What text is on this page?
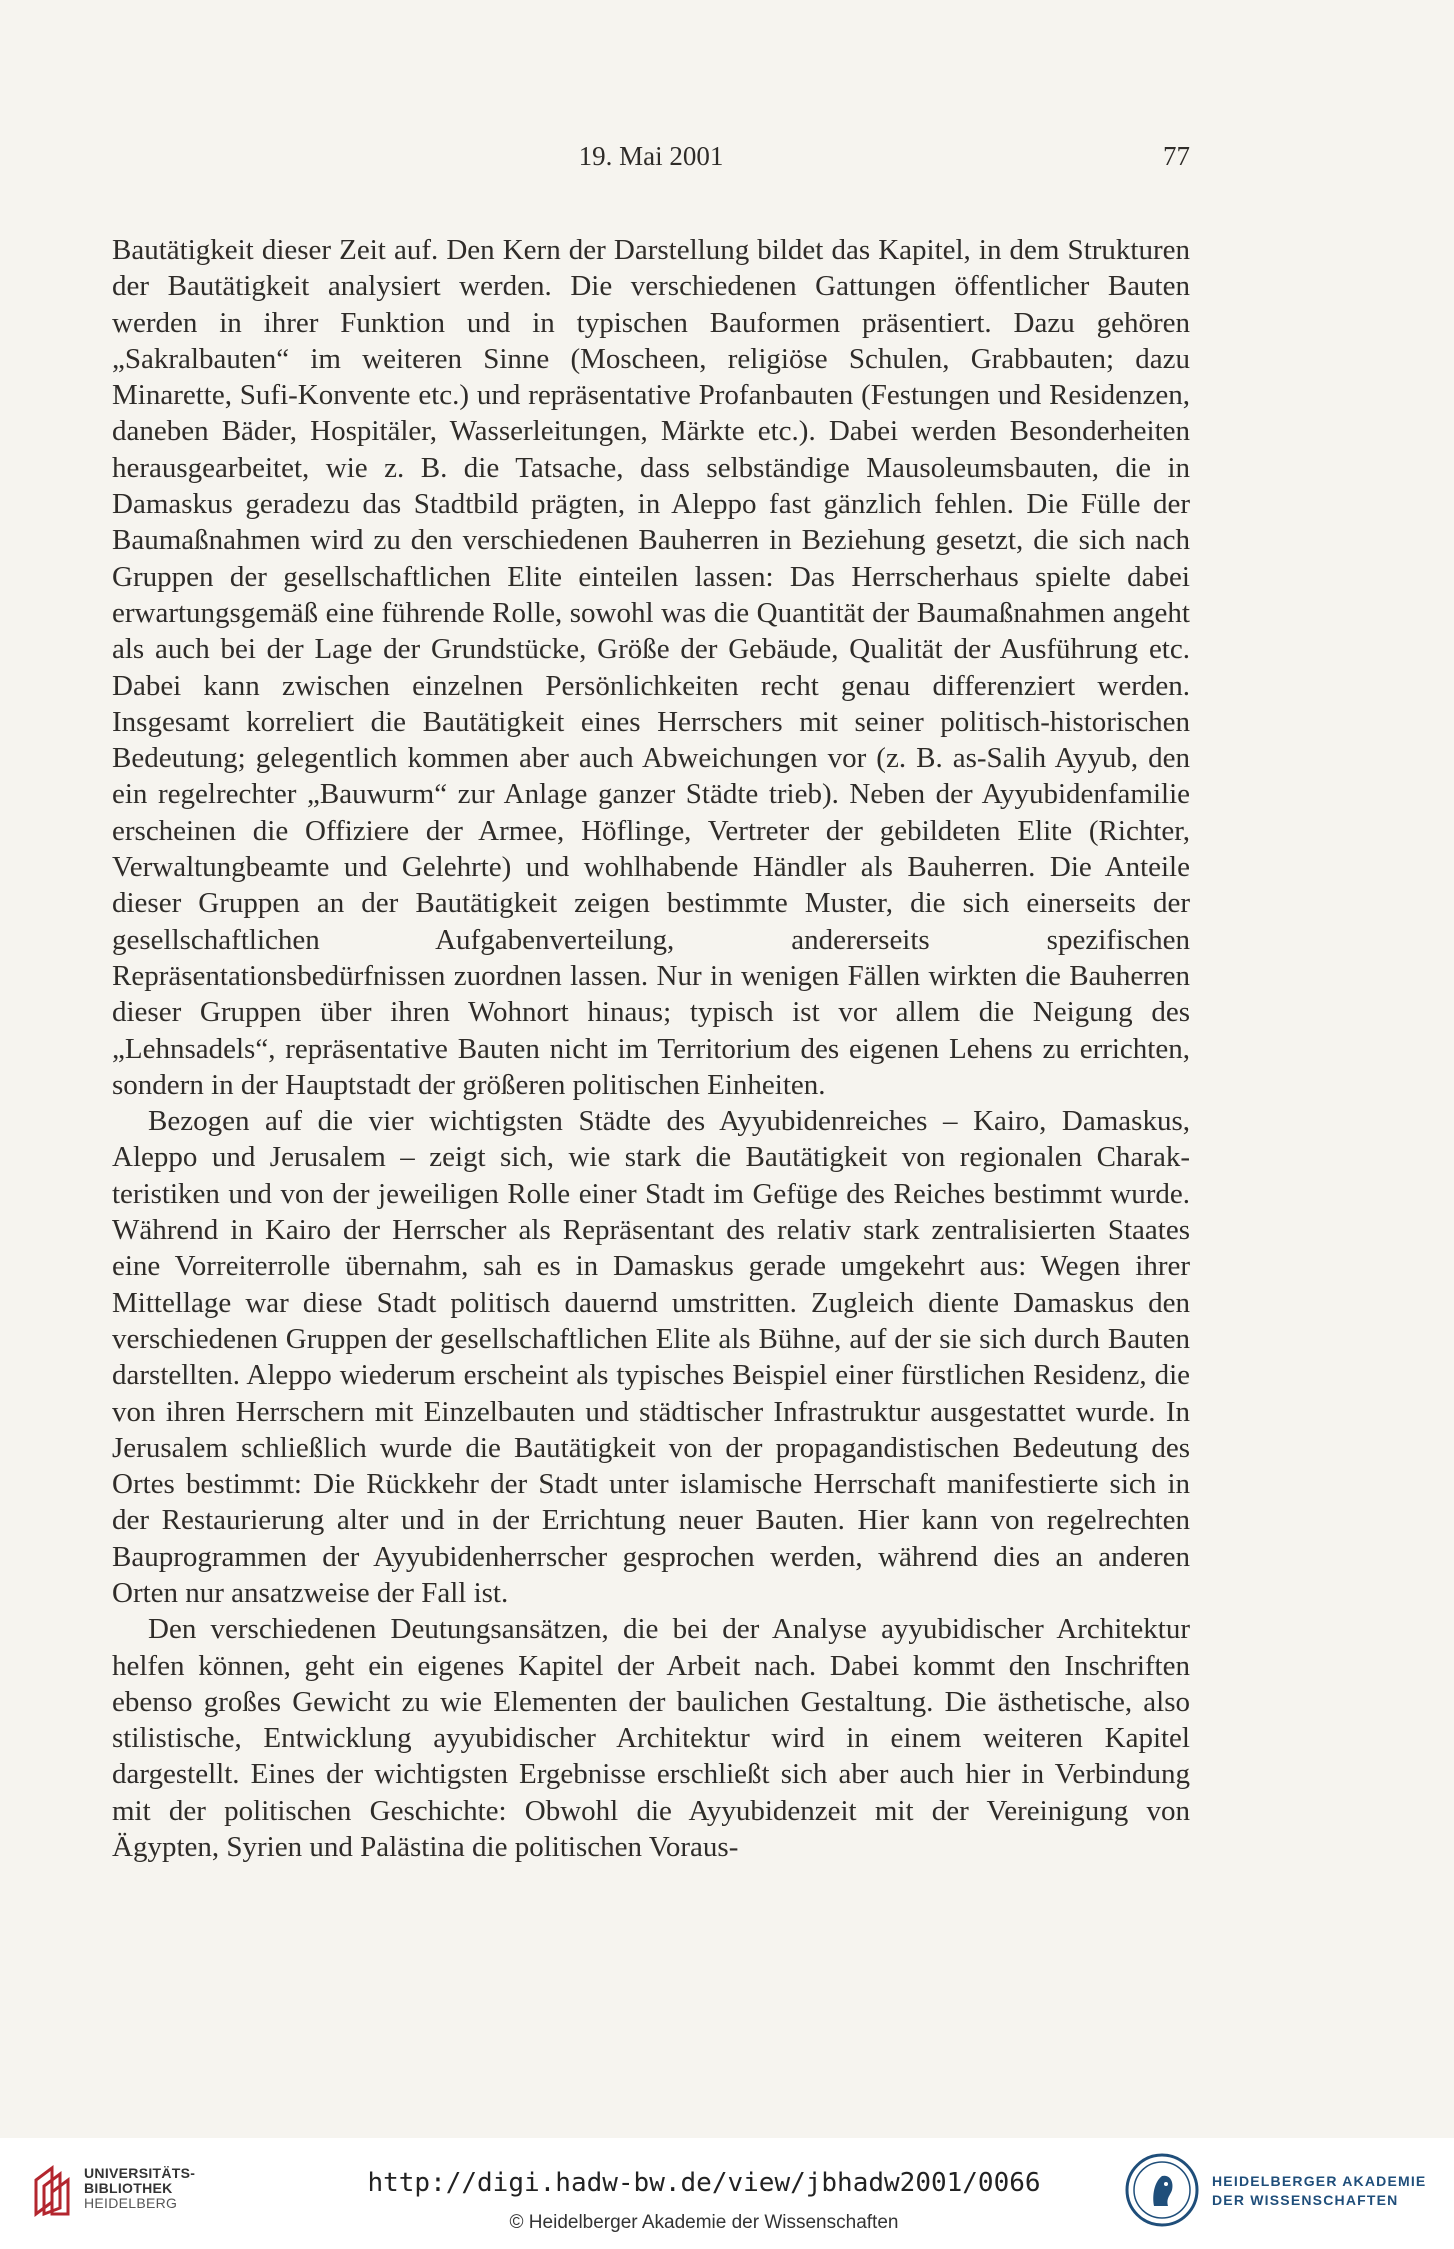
19. Mai 2001	77

Bautätigkeit dieser Zeit auf. Den Kern der Darstellung bildet das Kapitel, in dem Strukturen der Bautätigkeit analysiert werden. Die verschiedenen Gattungen öffentlicher Bauten werden in ihrer Funktion und in typischen Bauformen präsentiert. Dazu gehören „Sakralbauten“ im weiteren Sinne (Moscheen, religiöse Schulen, Grabbauten; dazu Minarette, Sufi-Konvente etc.) und repräsentative Profanbauten (Festungen und Residenzen, daneben Bäder, Hospitäler, Wasserleitungen, Märkte etc.). Dabei werden Besonderheiten herausgearbeitet, wie z. B. die Tatsache, dass selbständige Mausoleumsbauten, die in Damaskus geradezu das Stadtbild prägten, in Aleppo fast gänzlich fehlen. Die Fülle der Baumaßnahmen wird zu den verschiedenen Bauherren in Beziehung gesetzt, die sich nach Gruppen der gesellschaftlichen Elite einteilen lassen: Das Herrscherhaus spielte dabei erwartungsgemäß eine führende Rolle, sowohl was die Quantität der Baumaßnahmen angeht als auch bei der Lage der Grundstücke, Größe der Gebäude, Qualität der Ausführung etc. Dabei kann zwischen einzelnen Persönlichkeiten recht genau differenziert werden. Insgesamt korreliert die Bautätigkeit eines Herrschers mit seiner politisch-historischen Bedeutung; gelegentlich kommen aber auch Abweichungen vor (z. B. as-Salih Ayyub, den ein regelrechter „Bauwurm“ zur Anlage ganzer Städte trieb). Neben der Ayyubidenfamilie erscheinen die Offiziere der Armee, Höflinge, Vertreter der gebildeten Elite (Richter, Verwaltungbeamte und Gelehrte) und wohlhabende Händler als Bauherren. Die Anteile dieser Gruppen an der Bautätigkeit zeigen bestimmte Muster, die sich einerseits der gesellschaftlichen Aufgabenverteilung, andererseits spezifischen Repräsentationsbedürfnissen zuordnen lassen. Nur in wenigen Fällen wirkten die Bauherren dieser Gruppen über ihren Wohnort hinaus; typisch ist vor allem die Neigung des „Lehnsadels“, repräsentative Bauten nicht im Territorium des eigenen Lehens zu errichten, sondern in der Hauptstadt der größeren politischen Einheiten.

Bezogen auf die vier wichtigsten Städte des Ayyubidenreiches – Kairo, Damaskus, Aleppo und Jerusalem – zeigt sich, wie stark die Bautätigkeit von regionalen Charakteristiken und von der jeweiligen Rolle einer Stadt im Gefüge des Reiches bestimmt wurde. Während in Kairo der Herrscher als Repräsentant des relativ stark zentralisierten Staates eine Vorreiterrolle übernahm, sah es in Damaskus gerade umgekehrt aus: Wegen ihrer Mittellage war diese Stadt politisch dauernd umstritten. Zugleich diente Damaskus den verschiedenen Gruppen der gesellschaftlichen Elite als Bühne, auf der sie sich durch Bauten darstellten. Aleppo wiederum erscheint als typisches Beispiel einer fürstlichen Residenz, die von ihren Herrschern mit Einzelbauten und städtischer Infrastruktur ausgestattet wurde. In Jerusalem schließlich wurde die Bautätigkeit von der propagandistischen Bedeutung des Ortes bestimmt: Die Rückkehr der Stadt unter islamische Herrschaft manifestierte sich in der Restaurierung alter und in der Errichtung neuer Bauten. Hier kann von regelrechten Bauprogrammen der Ayyubidenherrscher gesprochen werden, während dies an anderen Orten nur ansatzweise der Fall ist.

Den verschiedenen Deutungsansätzen, die bei der Analyse ayyubidischer Architektur helfen können, geht ein eigenes Kapitel der Arbeit nach. Dabei kommt den Inschriften ebenso großes Gewicht zu wie Elementen der baulichen Gestaltung. Die ästhetische, also stilistische, Entwicklung ayyubidischer Architektur wird in einem weiteren Kapitel dargestellt. Eines der wichtigsten Ergebnisse erschließt sich aber auch hier in Verbindung mit der politischen Geschichte: Obwohl die Ayyubidenzeit mit der Vereinigung von Ägypten, Syrien und Palästina die politischen Voraus-

UNIVERSITÄTS-
BIBLIOTHEK
HEIDELBERG
http://digi.hadw-bw.de/view/jbhadw2001/0066
© Heidelberger Akademie der Wissenschaften
HEIDELBERGER AKADEMIE
DER WISSENSCHAFTEN
